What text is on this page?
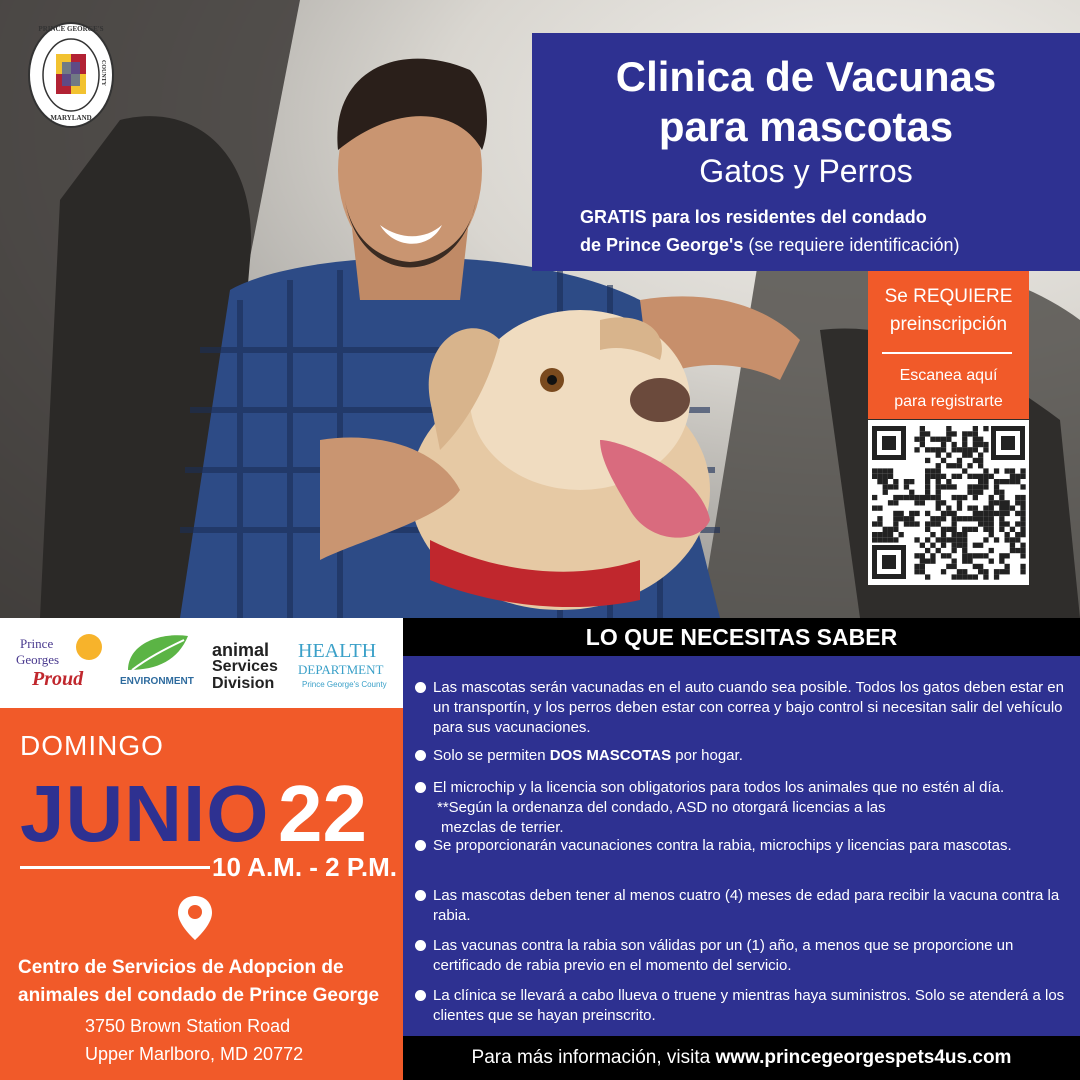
PRINCE GEORGE'S
COUNTY
MARYLAND
Clinica de Vacunas
para mascotas
Gatos y Perros
GRATIS para los residentes del condado
de Prince George's (se requiere identificación)
Se REQUIERE
preinscripción
Escanea aquí
para registrarte
Prince
Georges
Proud	ENVIRONMENT
animal
Services
Division
HEALTH
DEPARTMENT
Prince George's County
DOMINGO
JUNIO 22
10 A.M. - 2 P.M.
Centro de Servicios de Adopcion de
animales del condado de Prince George
3750 Brown Station Road
Upper Marlboro, MD 20772
LO QUE NECESITAS SABER
Las mascotas serán vacunadas en el auto cuando sea posible. Todos los gatos deben estar en un transportín, y los perros deben estar con correa y bajo control si necesitan salir del vehículo para sus vacunaciones.
Solo se permiten DOS MASCOTAS por hogar.
El microchip y la licencia son obligatorios para todos los animales que no estén al día.
**Según la ordenanza del condado, ASD no otorgará licencias a las
mezclas de terrier.
Se proporcionarán vacunaciones contra la rabia, microchips y licencias para mascotas.
Las mascotas deben tener al menos cuatro (4) meses de edad para recibir la vacuna contra la rabia.
Las vacunas contra la rabia son válidas por un (1) año, a menos que se proporcione un certificado de rabia previo en el momento del servicio.
La clínica se llevará a cabo llueva o truene y mientras haya suministros. Solo se atenderá a los clientes que se hayan preinscrito.
Para más información, visita www.princegeorgespets4us.com
